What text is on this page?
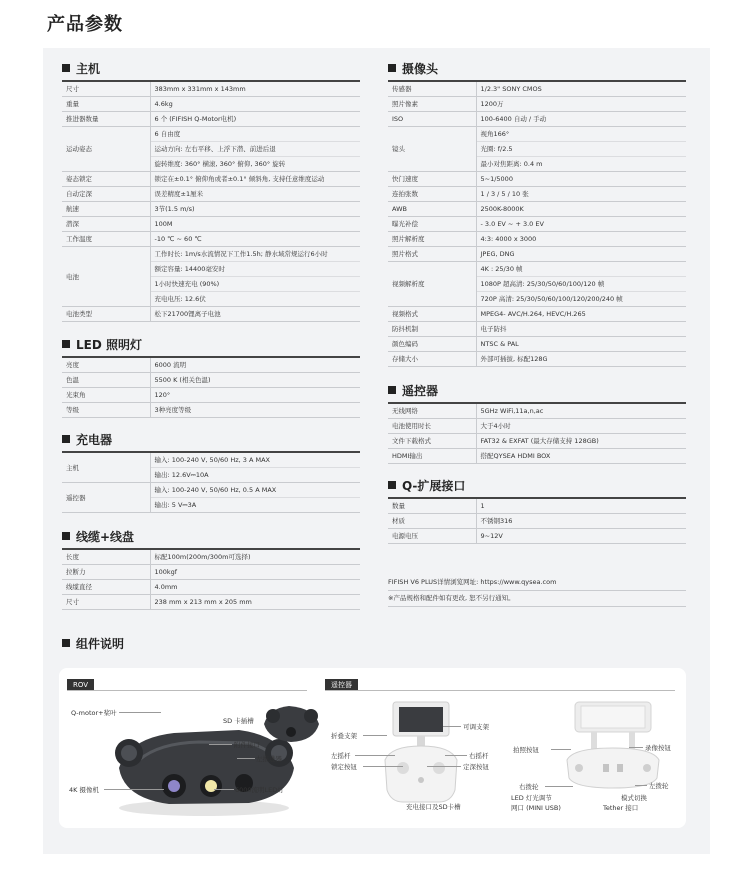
产品参数
主机
尺寸	383mm x 331mm x 143mm
重量	4.6kg
推进器数量	6 个 (FIFISH Q-Motor电机)
运动姿态	6 自由度
运动方向: 左右平移、上浮下潜、前进后退
旋转维度: 360° 横滚, 360° 俯仰, 360° 旋转

姿态锁定	锁定在±0.1° 俯仰角或者±0.1° 倾斜角, 支持任意维度运动
自动定深	误差精度±1厘米
航速	3节(1.5 m/s)
潜深	100M
工作温度	-10 ℃ ~ 60 ℃
电池	工作时长: 1m/s水流情况下工作1.5h; 静水域常规运行6小时
额定容量: 14400毫安时
1小时快速充电 (90%)
充电电压: 12.6伏

电池类型	松下21700锂离子电池
LED 照明灯
亮度	6000 流明
色温	5500 K (相关色温)
光束角	120°
等级	3种亮度等级
充电器
主机	输入: 100-240 V, 50/60 Hz, 3 A MAX
输出: 12.6V⎓10A

遥控器	输入: 100-240 V, 50/60 Hz, 0.5 A MAX
输出: 5 V⎓3A
线缆+线盘
长度	标配100m(200m/300m可选择)
拉断力	100kgf
线缆直径	4.0mm
尺寸	238 mm x 213 mm x 205 mm
摄像头
传感器	1/2.3" SONY CMOS
照片像素	1200万
ISO	100-6400 自动 / 手动
镜头	视角166°
光圈: f/2.5
最小对焦距离: 0.4 m

快门速度	5~1/5000
连拍张数	1 / 3 / 5 / 10 张
AWB	2500K-8000K
曝光补偿	- 3.0 EV ~ + 3.0 EV
照片解析度	4:3: 4000 x 3000
照片格式	JPEG, DNG
视频解析度	4K : 25/30 帧
1080P 超高清: 25/30/50/60/100/120 帧
720P 高清: 25/30/50/60/100/120/200/240 帧

视频格式	MPEG4- AVC/H.264, HEVC/H.265
防抖机制	电子防抖
颜色编码	NTSC & PAL
存储大小	外部可插拔, 标配128G
遥控器
无线网络	5GHz WiFi,11a,n,ac
电池使用时长	大于4小时
文件下载格式	FAT32 & EXFAT (最大存储支持 128GB)
HDMI输出	搭配QYSEA HDMI BOX
Q-扩展接口
数量	1
材质	不锈钢316
电源电压	9~12V
FIFISH V6 PLUS详情浏览网址: https://www.qysea.com
※产品规格和配件如有更改, 恕不另行通知。
组件说明
ROV	遥控器
Q-motor+桨叶
SD 卡插槽
附件接口
左推进器
4K 摄像机	6000流明LED灯
可调支架
折叠支架
左摇杆
锁定按钮
右摇杆
定深按钮
充电接口及SD卡槽
拍照按钮	录像按钮
右拨轮	左拨轮
LED 灯光调节	模式切换
网口 (MINI USB)	Tether 接口
